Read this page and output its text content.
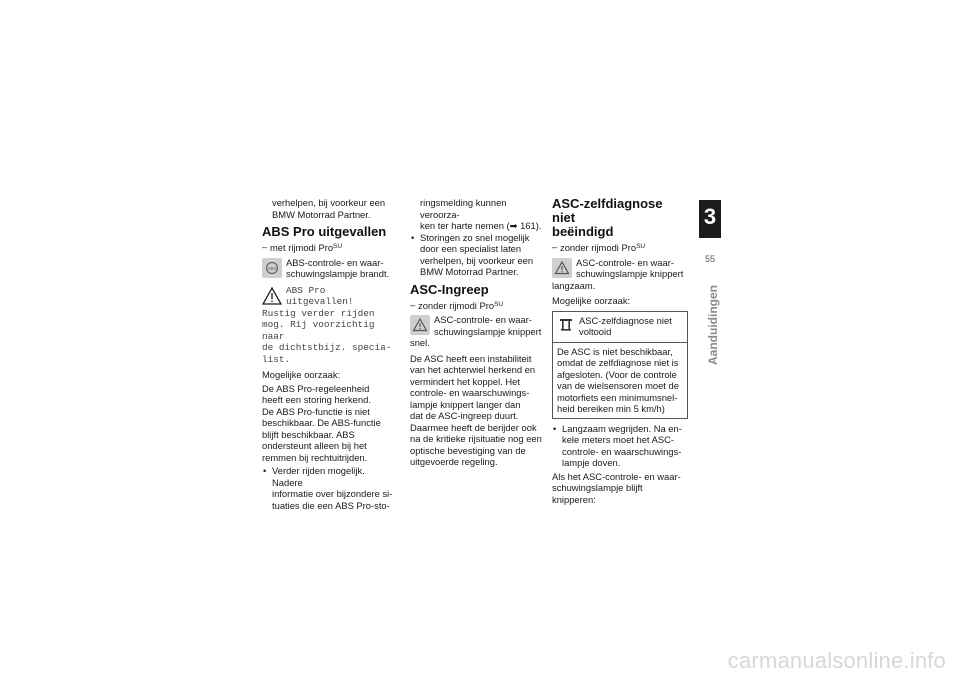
verhelpen, bij voorkeur een
BMW Motorrad Partner.
ABS Pro uitgevallen

– met rijmodi Pro$^{SU}$

ABS
ABS-controle- en waar-
schuwingslampje brandt.
ABS Pro uitgevallen!
Rustig verder rijden
mog. Rij voorzichtig naar
de dichtstbijz. specia-
list.

Mogelijke oorzaak:

De ABS Pro-regeleenheid
heeft een storing herkend.
De ABS Pro-functie is niet
beschikbaar. De ABS-functie
blijft beschikbaar. ABS
ondersteunt alleen bij het
remmen bij rechtuitrijden.
• Verder rijden mogelijk. Nadere
informatie over bijzondere si-
tuaties die een ABS Pro-sto-
ringsmelding kunnen veroorza-
ken ter harte nemen (➡ 161).
• Storingen zo snel mogelijk
door een specialist laten
verhelpen, bij voorkeur een
BMW Motorrad Partner.
ASC-Ingreep

– zonder rijmodi Pro$^{SU}$

ASC-controle- en waar-
schuwingslampje knippert
snel.
De ASC heeft een instabiliteit
van het achterwiel herkend en
vermindert het koppel. Het
controle- en waarschuwings-
lampje knippert langer dan
dat de ASC-ingreep duurt.
Daarmee heeft de berijder ook
na de kritieke rijsituatie nog een
optische bevestiging van de
uitgevoerde regeling.
ASC-zelfdiagnose niet
beëindigd

– zonder rijmodi Pro$^{SU}$

ASC-controle- en waar-
schuwingslampje knippert
langzaam.

Mogelijke oorzaak:

ASC-zelfdiagnose niet
voltooid
De ASC is niet beschikbaar,
omdat de zelfdiagnose niet is
afgesloten. (Voor de controle
van de wielsensoren moet de
motorfiets een minimumsnel-
heid bereiken min 5 km/h)
• Langzaam wegrijden. Na en-
kele meters moet het ASC-
controle- en waarschuwings-
lampje doven.
Als het ASC-controle- en waar-
schuwingslampje blijft knipperen:
3
55
Aanduidingen
carmanualsonline.info
